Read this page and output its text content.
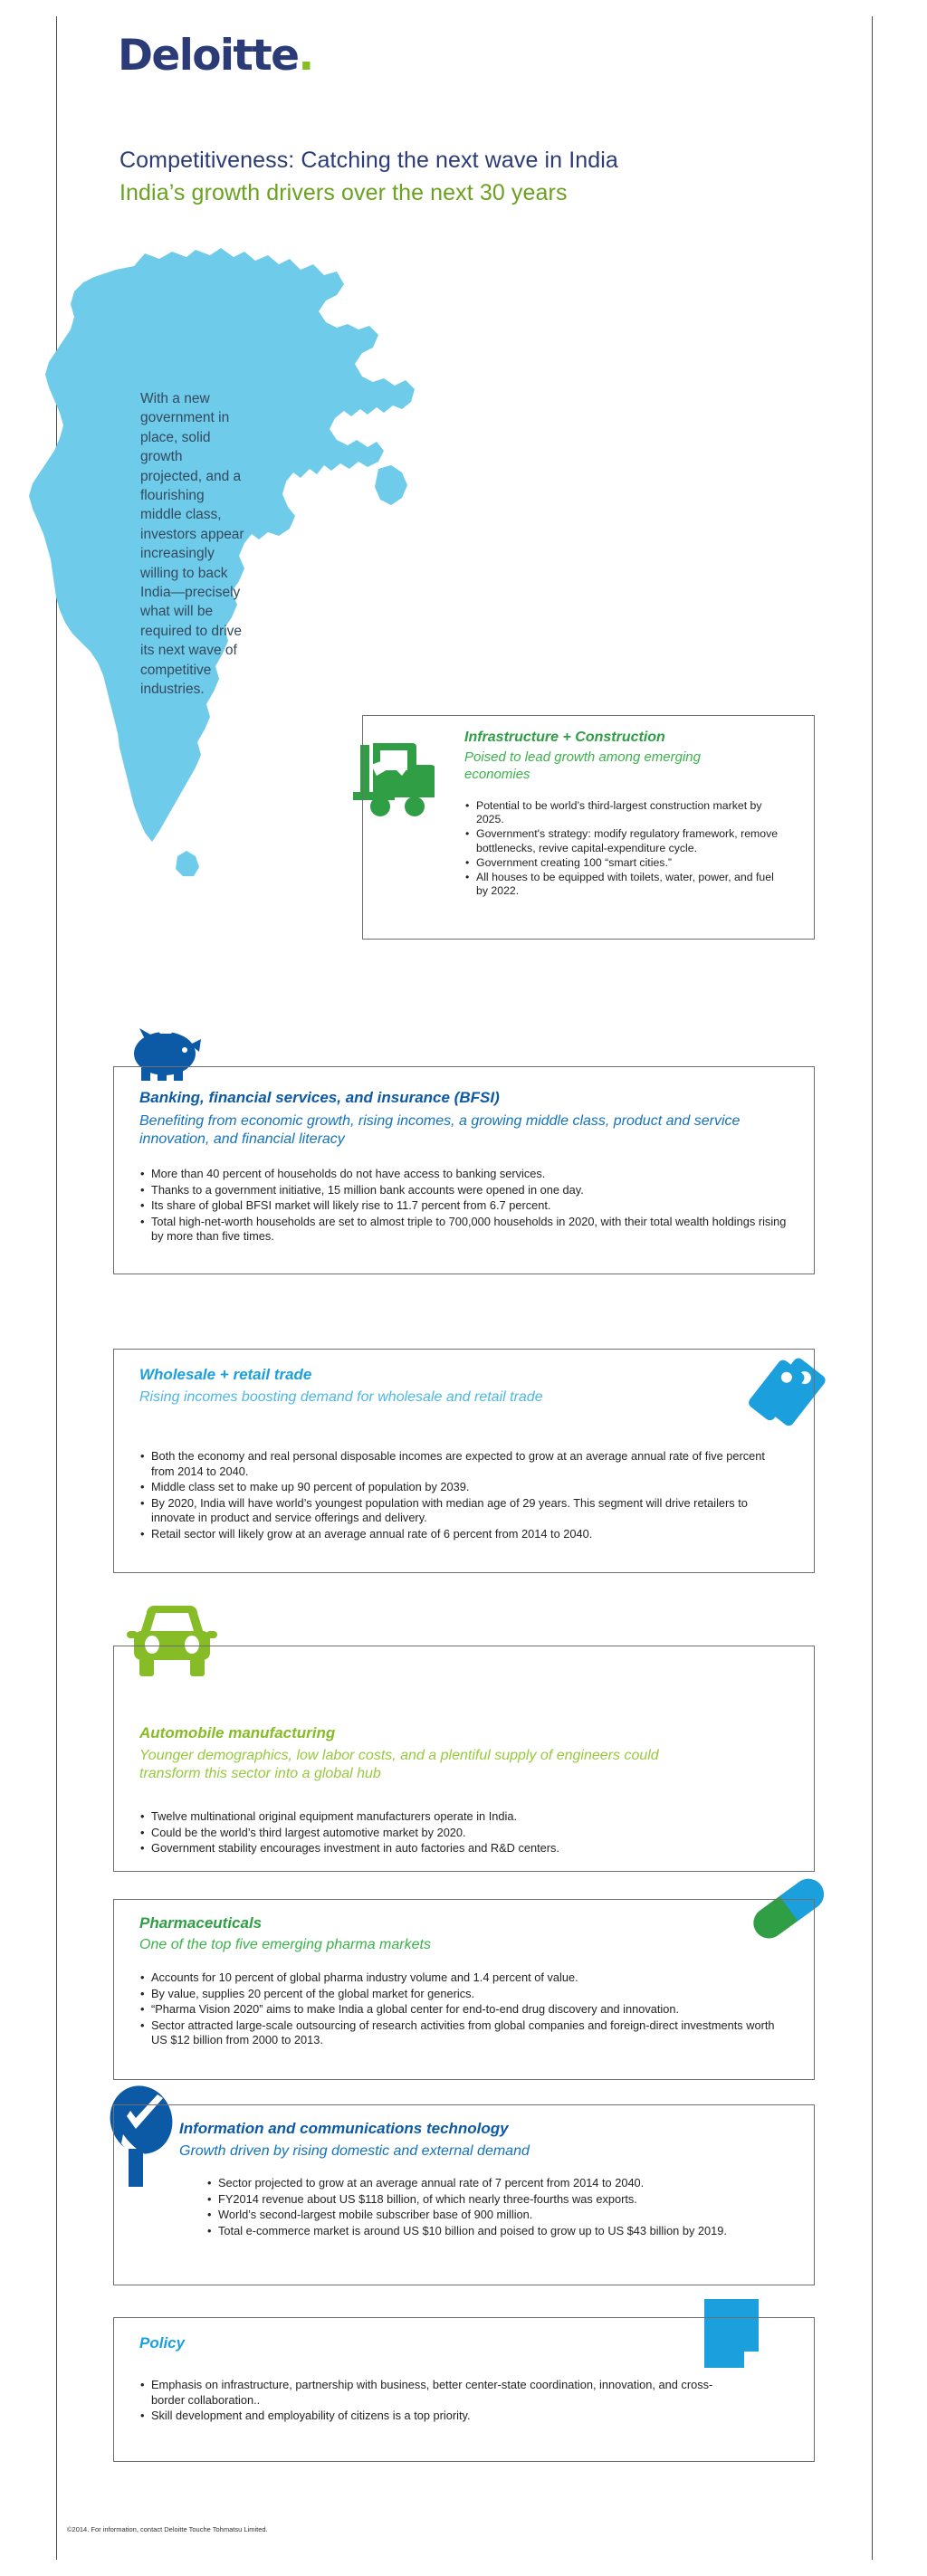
Deloitte.
Competitiveness: Catching the next wave in India
India’s growth drivers over the next 30 years
With a new government in place, solid growth projected, and a flourishing middle class, investors appear increasingly willing to back India—precisely what will be required to drive its next wave of competitive industries.
Infrastructure + Construction
Poised to lead growth among emerging economies
• Potential to be world’s third-largest construction market by 2025.
• Government's strategy: modify regulatory framework, remove bottlenecks, revive capital-expenditure cycle.
• Government creating 100 “smart cities.”
• All houses to be equipped with toilets, water, power, and fuel by 2022.
Banking, financial services, and insurance (BFSI)
Benefiting from economic growth, rising incomes, a growing middle class, product and service innovation, and financial literacy
• More than 40 percent of households do not have access to banking services.
• Thanks to a government initiative, 15 million bank accounts were opened in one day.
• Its share of global BFSI market will likely rise to 11.7 percent from 6.7 percent.
• Total high-net-worth households are set to almost triple to 700,000 households in 2020, with their total wealth holdings rising by more than five times.
Wholesale + retail trade
Rising incomes boosting demand for wholesale and retail trade
• Both the economy and real personal disposable incomes are expected to grow at an average annual rate of five percent from 2014 to 2040.
• Middle class set to make up 90 percent of population by 2039.
• By 2020, India will have world’s youngest population with median age of 29 years. This segment will drive retailers to innovate in product and service offerings and delivery.
• Retail sector will likely grow at an average annual rate of 6 percent from 2014 to 2040.
Automobile manufacturing
Younger demographics, low labor costs, and a plentiful supply of engineers could transform this sector into a global hub
• Twelve multinational original equipment manufacturers operate in India.
• Could be the world’s third largest automotive market by 2020.
• Government stability encourages investment in auto factories and R&D centers.
Pharmaceuticals
One of the top five emerging pharma markets
• Accounts for 10 percent of global pharma industry volume and 1.4 percent of value.
• By value, supplies 20 percent of the global market for generics.
• “Pharma Vision 2020” aims to make India a global center for end-to-end drug discovery and innovation.
• Sector attracted large-scale outsourcing of research activities from global companies and foreign-direct investments worth US $12 billion from 2000 to 2013.
Information and communications technology
Growth driven by rising domestic and external demand
• Sector projected to grow at an average annual rate of 7 percent from 2014 to 2040.
• FY2014 revenue about US $118 billion, of which nearly three-fourths was exports.
• World’s second-largest mobile subscriber base of 900 million.
• Total e-commerce market is around US $10 billion and poised to grow up to US $43 billion by 2019.
Policy
• Emphasis on infrastructure, partnership with business, better center-state coordination, innovation, and cross-border collaboration..
• Skill development and employability of citizens is a top priority.
©2014. For information, contact Deloitte Touche Tohmatsu Limited.
